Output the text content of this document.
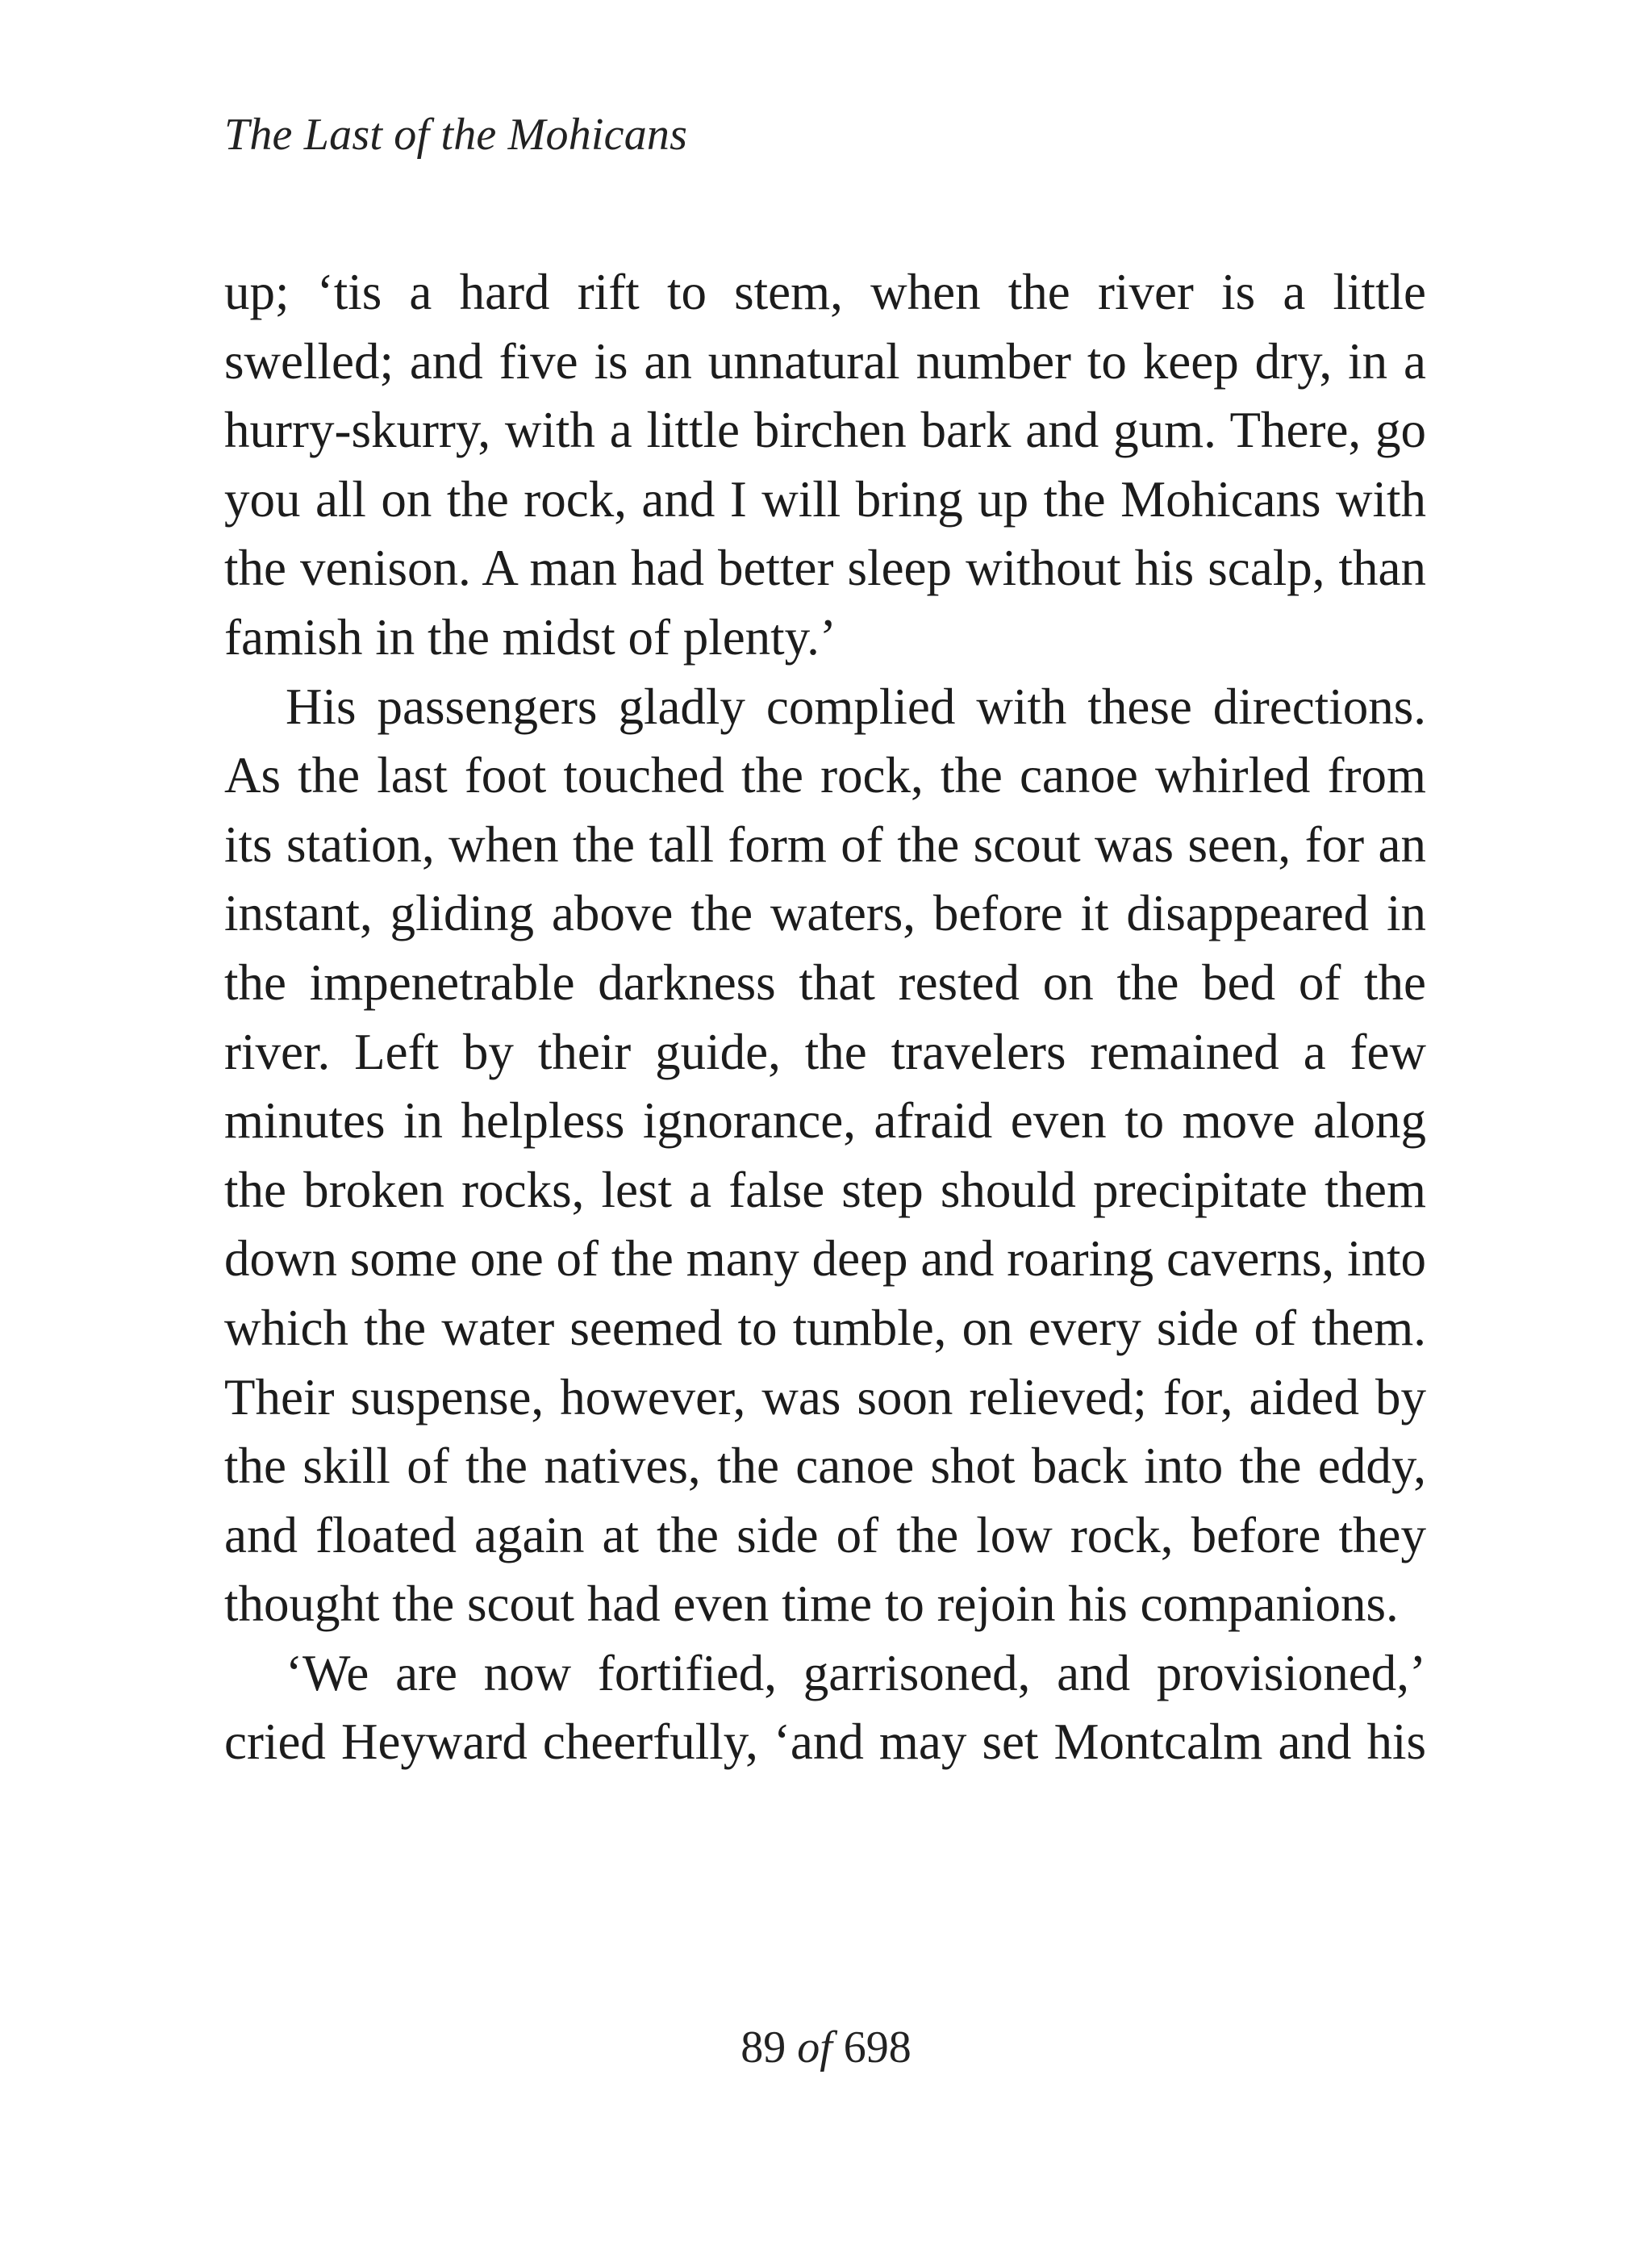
The Last of the Mohicans

up; ‘tis a hard rift to stem, when the river is a little swelled; and five is an unnatural number to keep dry, in a hurry-skurry, with a little birchen bark and gum. There, go you all on the rock, and I will bring up the Mohicans with the venison. A man had better sleep without his scalp, than famish in the midst of plenty.’

His passengers gladly complied with these directions. As the last foot touched the rock, the canoe whirled from its station, when the tall form of the scout was seen, for an instant, gliding above the waters, before it disappeared in the impenetrable darkness that rested on the bed of the river. Left by their guide, the travelers remained a few minutes in helpless ignorance, afraid even to move along the broken rocks, lest a false step should precipitate them down some one of the many deep and roaring caverns, into which the water seemed to tumble, on every side of them. Their suspense, however, was soon relieved; for, aided by the skill of the natives, the canoe shot back into the eddy, and floated again at the side of the low rock, before they thought the scout had even time to rejoin his companions.

‘We are now fortified, garrisoned, and provisioned,’ cried Heyward cheerfully, ‘and may set Montcalm and his

89 of 698
